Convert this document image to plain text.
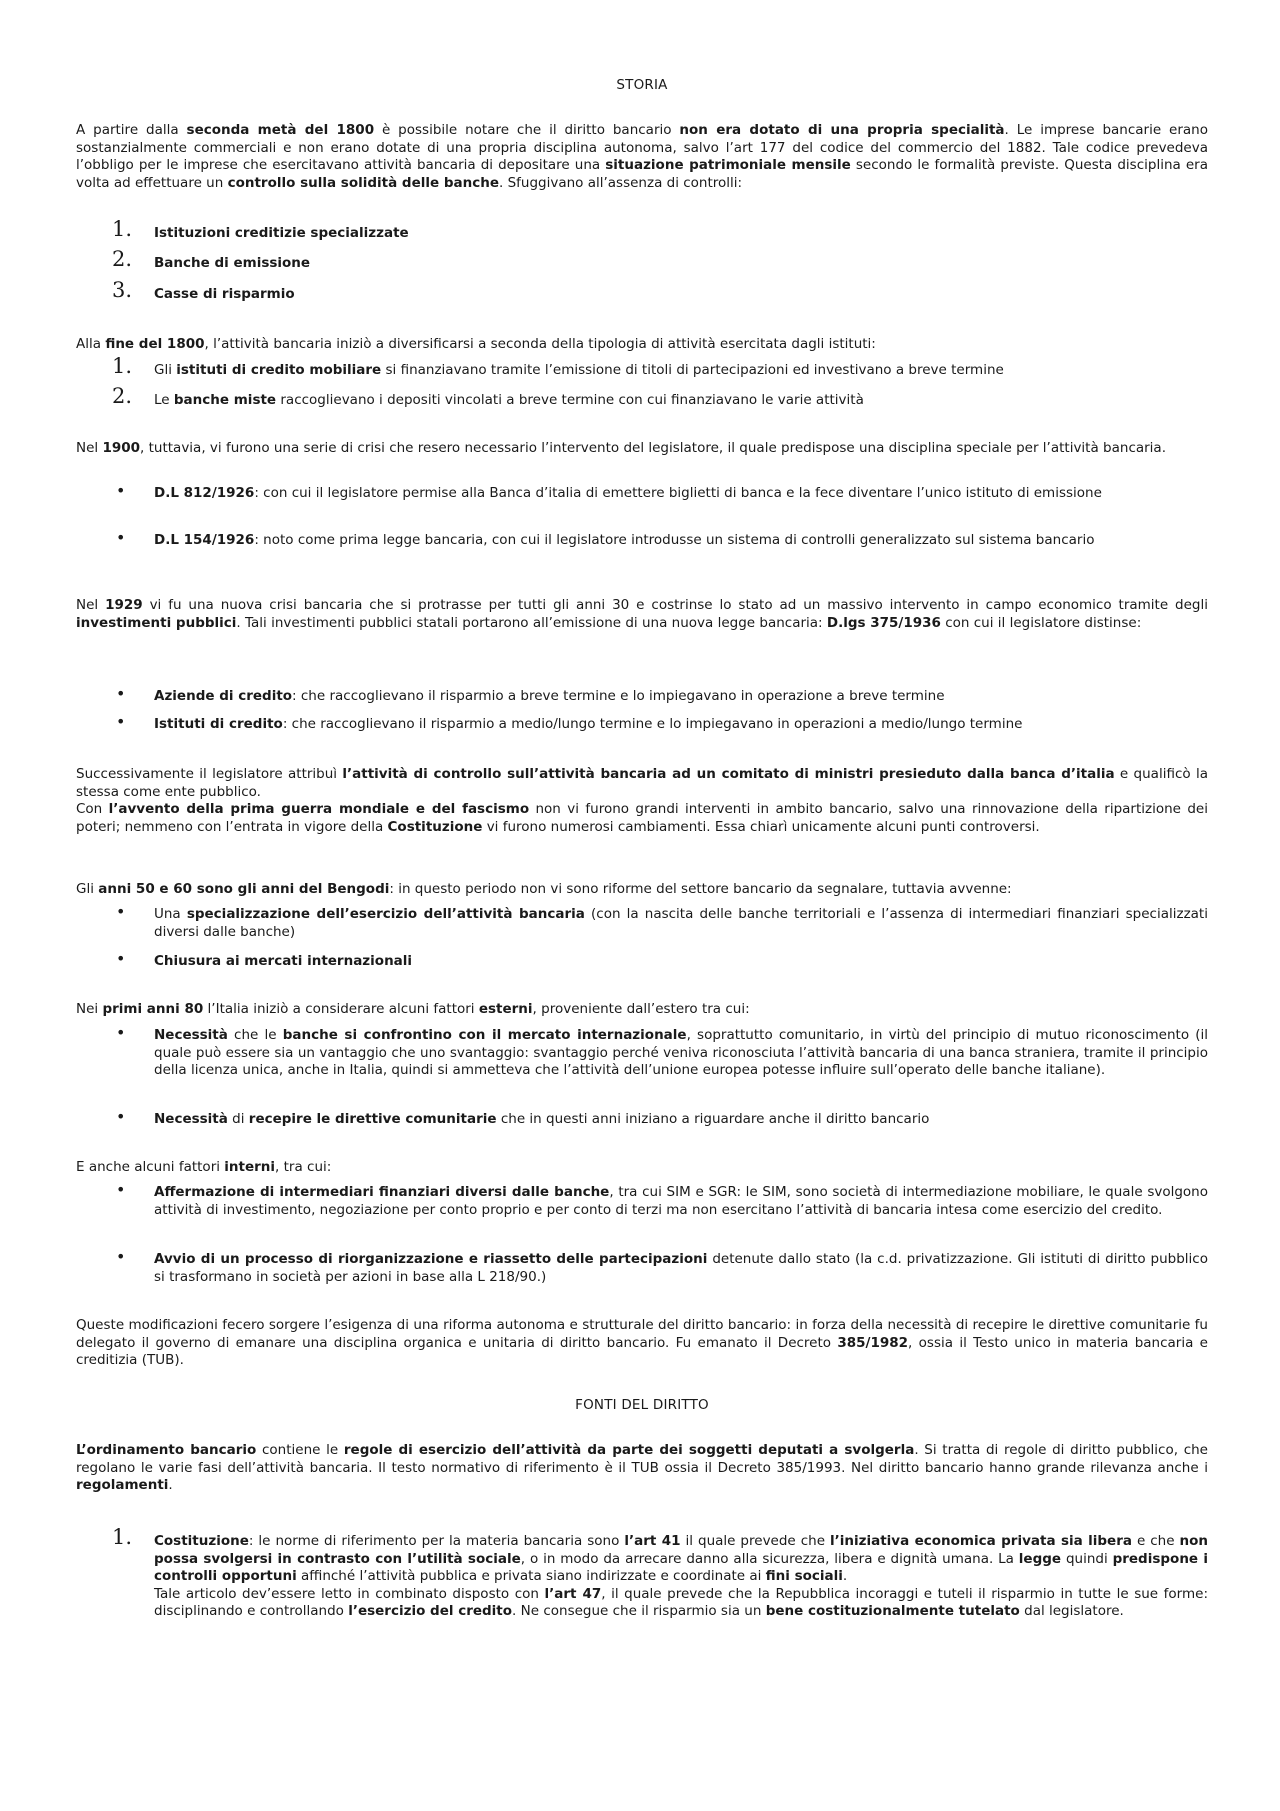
STORIA

A partire dalla seconda metà del 1800 è possibile notare che il diritto bancario non era dotato di una propria specialità. Le imprese bancarie erano sostanzialmente commerciali e non erano dotate di una propria disciplina autonoma, salvo l’art 177 del codice del commercio del 1882. Tale codice prevedeva l’obbligo per le imprese che esercitavano attività bancaria di depositare una situazione patrimoniale mensile secondo le formalità previste. Questa disciplina era volta ad effettuare un controllo sulla solidità delle banche. Sfuggivano all’assenza di controlli:

1.	Istituzioni creditizie specializzate
2.	Banche di emissione
3.	Casse di risparmio

Alla fine del 1800, l’attività bancaria iniziò a diversificarsi a seconda della tipologia di attività esercitata dagli istituti:

1.	Gli istituti di credito mobiliare si finanziavano tramite l’emissione di titoli di partecipazioni ed investivano a breve termine
2.	Le banche miste raccoglievano i depositi vincolati a breve termine con cui finanziavano le varie attività

Nel 1900, tuttavia, vi furono una serie di crisi che resero necessario l’intervento del legislatore, il quale predispose una disciplina speciale per l’attività bancaria.

•	D.L 812/1926: con cui il legislatore permise alla Banca d’italia di emettere biglietti di banca e la fece diventare l’unico istituto di emissione
•	D.L 154/1926: noto come prima legge bancaria, con cui il legislatore introdusse un sistema di controlli generalizzato sul sistema bancario

Nel 1929 vi fu una nuova crisi bancaria che si protrasse per tutti gli anni 30 e costrinse lo stato ad un massivo intervento in campo economico tramite degli investimenti pubblici. Tali investimenti pubblici statali portarono all’emissione di una nuova legge bancaria: D.lgs 375/1936 con cui il legislatore distinse:

•	Aziende di credito: che raccoglievano il risparmio a breve termine e lo impiegavano in operazione a breve termine
•	Istituti di credito: che raccoglievano il risparmio a medio/lungo termine e lo impiegavano in operazioni a medio/lungo termine

Successivamente il legislatore attribuì l’attività di controllo sull’attività bancaria ad un comitato di ministri presieduto dalla banca d’italia e qualificò la stessa come ente pubblico.

Con l’avvento della prima guerra mondiale e del fascismo non vi furono grandi interventi in ambito bancario, salvo una rinnovazione della ripartizione dei poteri; nemmeno con l’entrata in vigore della Costituzione vi furono numerosi cambiamenti. Essa chiarì unicamente alcuni punti controversi.

Gli anni 50 e 60 sono gli anni del Bengodi: in questo periodo non vi sono riforme del settore bancario da segnalare, tuttavia avvenne:

•	Una specializzazione dell’esercizio dell’attività bancaria (con la nascita delle banche territoriali e l’assenza di intermediari finanziari specializzati diversi dalle banche)
•	Chiusura ai mercati internazionali

Nei primi anni 80 l’Italia iniziò a considerare alcuni fattori esterni, proveniente dall’estero tra cui:

•	Necessità che le banche si confrontino con il mercato internazionale, soprattutto comunitario, in virtù del principio di mutuo riconoscimento (il quale può essere sia un vantaggio che uno svantaggio: svantaggio perché veniva riconosciuta l’attività bancaria di una banca straniera, tramite il principio della licenza unica, anche in Italia, quindi si ammetteva che l’attività dell’unione europea potesse influire sull’operato delle banche italiane).
•	Necessità di recepire le direttive comunitarie che in questi anni iniziano a riguardare anche il diritto bancario

E anche alcuni fattori interni, tra cui:

•	Affermazione di intermediari finanziari diversi dalle banche, tra cui SIM e SGR: le SIM, sono società di intermediazione mobiliare, le quale svolgono attività di investimento, negoziazione per conto proprio e per conto di terzi ma non esercitano l’attività di bancaria intesa come esercizio del credito.
•	Avvio di un processo di riorganizzazione e riassetto delle partecipazioni detenute dallo stato (la c.d. privatizzazione. Gli istituti di diritto pubblico si trasformano in società per azioni in base alla L 218/90.)

Queste modificazioni fecero sorgere l’esigenza di una riforma autonoma e strutturale del diritto bancario: in forza della necessità di recepire le direttive comunitarie fu delegato il governo di emanare una disciplina organica e unitaria di diritto bancario. Fu emanato il Decreto 385/1982, ossia il Testo unico in materia bancaria e creditizia (TUB).

FONTI DEL DIRITTO

L’ordinamento bancario contiene le regole di esercizio dell’attività da parte dei soggetti deputati a svolgerla. Si tratta di regole di diritto pubblico, che regolano le varie fasi dell’attività bancaria. Il testo normativo di riferimento è il TUB ossia il Decreto 385/1993. Nel diritto bancario hanno grande rilevanza anche i regolamenti.

1.	Costituzione: le norme di riferimento per la materia bancaria sono l’art 41 il quale prevede che l’iniziativa economica privata sia libera e che non possa svolgersi in contrasto con l’utilità sociale, o in modo da arrecare danno alla sicurezza, libera e dignità umana. La legge quindi predispone i controlli opportuni affinché l’attività pubblica e privata siano indirizzate e coordinate ai fini sociali.
Tale articolo dev’essere letto in combinato disposto con l’art 47, il quale prevede che la Repubblica incoraggi e tuteli il risparmio in tutte le sue forme: disciplinando e controllando l’esercizio del credito. Ne consegue che il risparmio sia un bene costituzionalmente tutelato dal legislatore.
